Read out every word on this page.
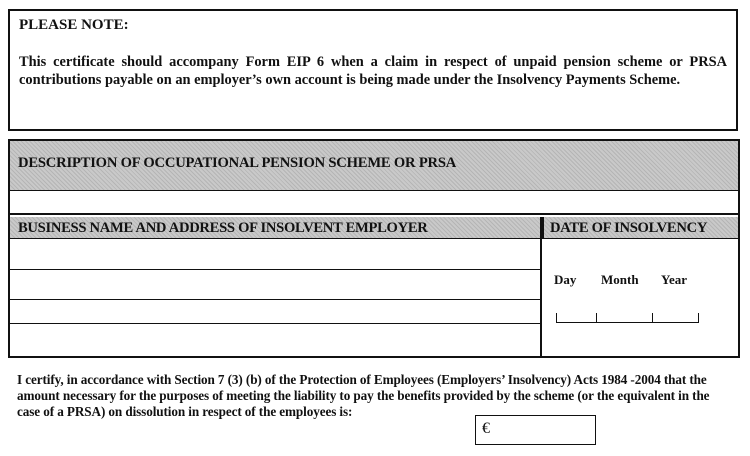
PLEASE NOTE:
This certificate should accompany Form EIP 6 when a claim in respect of unpaid pension scheme or PRSA contributions payable on an employer’s own account is being made under the Insolvency Payments Scheme.
DESCRIPTION OF OCCUPATIONAL PENSION SCHEME OR PRSA
BUSINESS NAME AND ADDRESS OF INSOLVENT EMPLOYER	DATE OF INSOLVENCY
Day Month Year
I certify, in accordance with Section 7 (3) (b) of the Protection of Employees (Employers’ Insolvency) Acts 1984 -2004 that the amount necessary for the purposes of meeting the liability to pay the benefits provided by the scheme (or the equivalent in the case of a PRSA) on dissolution in respect of the employees is:
€
